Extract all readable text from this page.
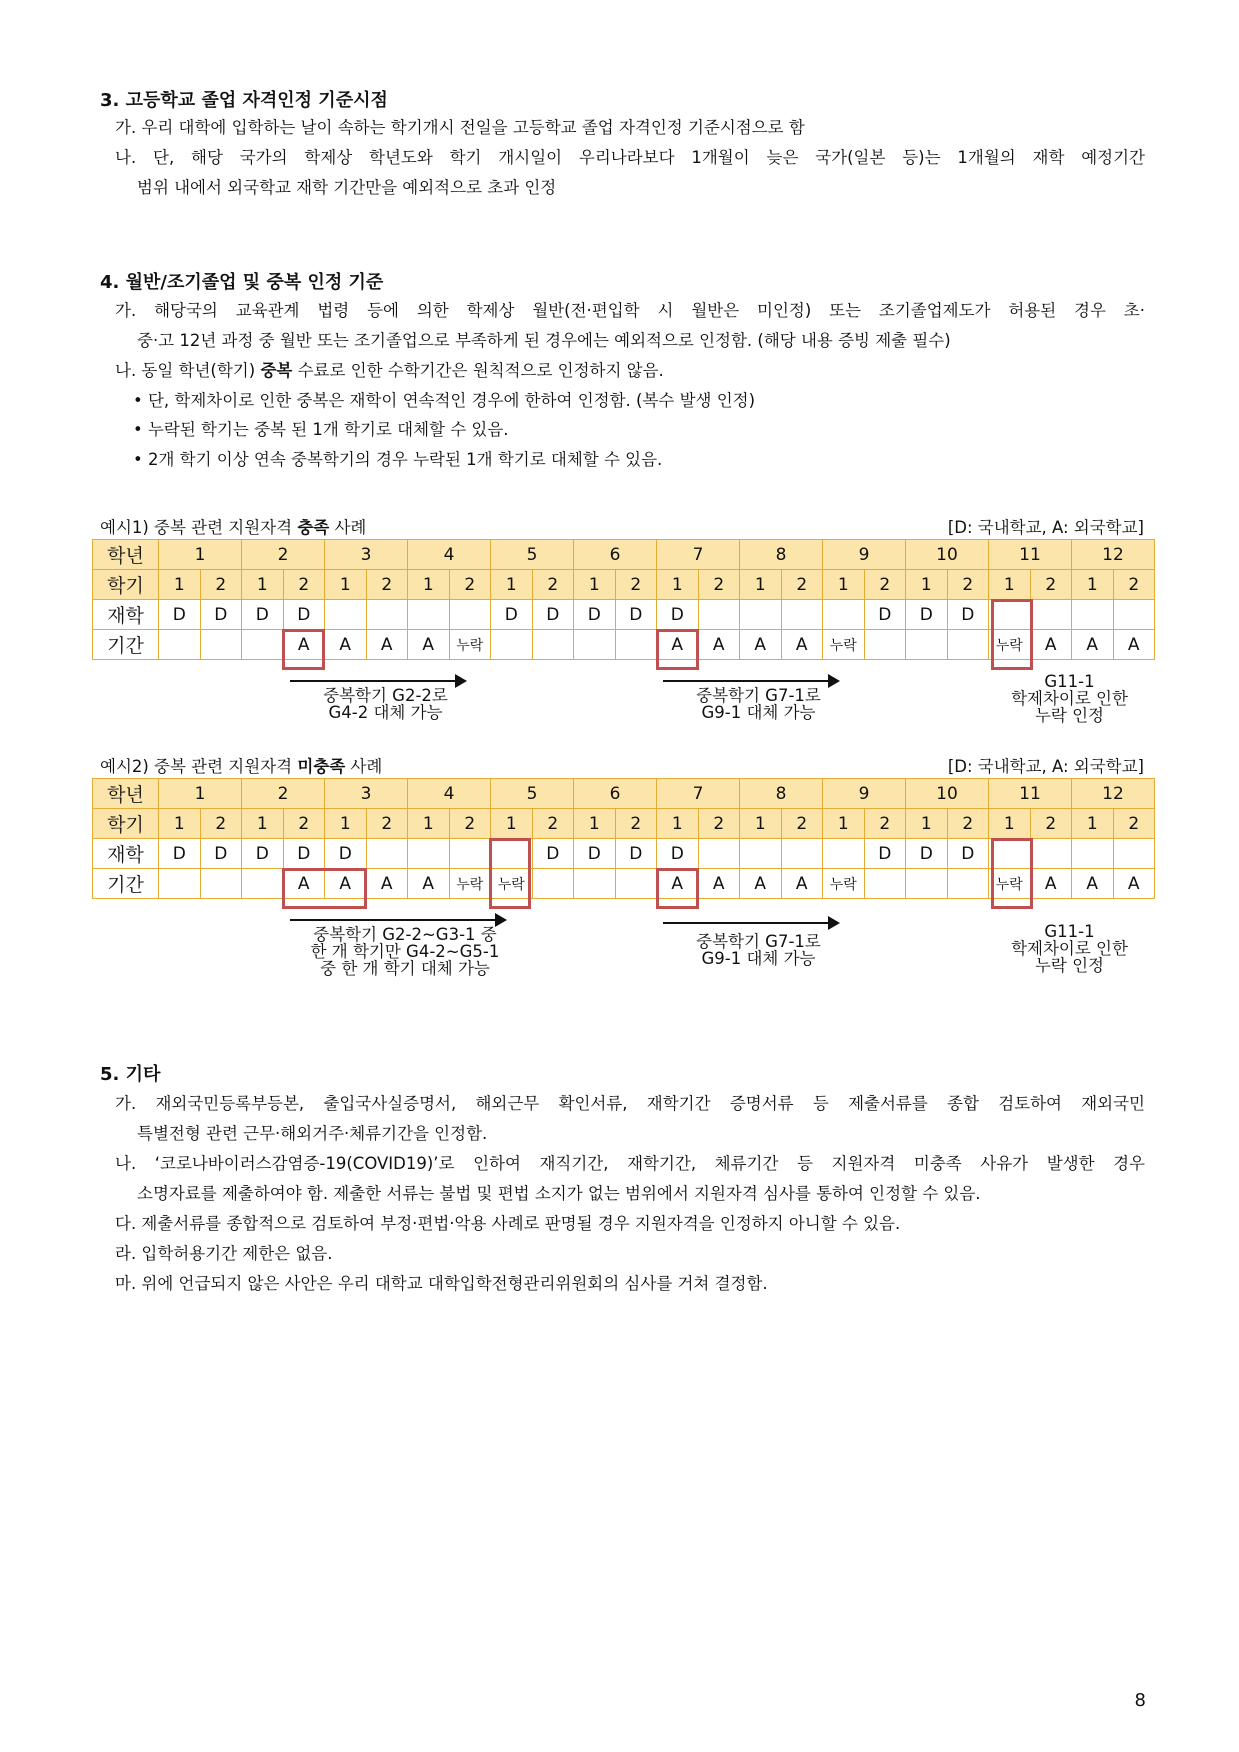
3. 고등학교 졸업 자격인정 기준시점

가. 우리 대학에 입학하는 날이 속하는 학기개시 전일을 고등학교 졸업 자격인정 기준시점으로 함

나. 단, 해당 국가의 학제상 학년도와 학기 개시일이 우리나라보다 1개월이 늦은 국가(일본 등)는 1개월의 재학 예정기간

범위 내에서 외국학교 재학 기간만을 예외적으로 초과 인정

4. 월반/조기졸업 및 중복 인정 기준

가. 해당국의 교육관계 법령 등에 의한 학제상 월반(전·편입학 시 월반은 미인정) 또는 조기졸업제도가 허용된 경우 초·

중·고 12년 과정 중 월반 또는 조기졸업으로 부족하게 된 경우에는 예외적으로 인정함. (해당 내용 증빙 제출 필수)

나. 동일 학년(학기) 중복 수료로 인한 수학기간은 원칙적으로 인정하지 않음.

• 단, 학제차이로 인한 중복은 재학이 연속적인 경우에 한하여 인정함. (복수 발생 인정)

• 누락된 학기는 중복 된 1개 학기로 대체할 수 있음.

• 2개 학기 이상 연속 중복학기의 경우 누락된 1개 학기로 대체할 수 있음.

예시1) 중복 관련 지원자격 충족 사례	[D: 국내학교, A: 외국학교]
학년	1		2		3		4		5		6		7		8		9		10		11		12	
학기	1	2	1	2	1	2	1	2	1	2	1	2	1	2	1	2	1	2	1	2	1	2	1	2
재학	D	D	D	D					D	D	D	D	D					D	D	D				
기간				A	A	A	A	누락					A	A	A	A	누락				누락	A	A	A
중복학기 G2-2로
G4-2 대체 가능
중복학기 G7-1로
G9-1 대체 가능
G11-1
학제차이로 인한
누락 인정
예시2) 중복 관련 지원자격 미충족 사례	[D: 국내학교, A: 외국학교]
학년	1		2		3		4		5		6		7		8		9		10		11		12	
학기	1	2	1	2	1	2	1	2	1	2	1	2	1	2	1	2	1	2	1	2	1	2	1	2
재학	D	D	D	D	D					D	D	D	D					D	D	D				
기간				A	A	A	A	누락	누락				A	A	A	A	누락				누락	A	A	A
중복학기 G2-2~G3-1 중
한 개 학기만 G4-2~G5-1
중 한 개 학기 대체 가능
중복학기 G7-1로
G9-1 대체 가능
G11-1
학제차이로 인한
누락 인정
5. 기타

가. 재외국민등록부등본, 출입국사실증명서, 해외근무 확인서류, 재학기간 증명서류 등 제출서류를 종합 검토하여 재외국민

특별전형 관련 근무·해외거주·체류기간을 인정함.

나. ‘코로나바이러스감염증-19(COVID19)’로 인하여 재직기간, 재학기간, 체류기간 등 지원자격 미충족 사유가 발생한 경우

소명자료를 제출하여야 함. 제출한 서류는 불법 및 편법 소지가 없는 범위에서 지원자격 심사를 통하여 인정할 수 있음.

다. 제출서류를 종합적으로 검토하여 부정·편법·악용 사례로 판명될 경우 지원자격을 인정하지 아니할 수 있음.

라. 입학허용기간 제한은 없음.

마. 위에 언급되지 않은 사안은 우리 대학교 대학입학전형관리위원회의 심사를 거쳐 결정함.

8
